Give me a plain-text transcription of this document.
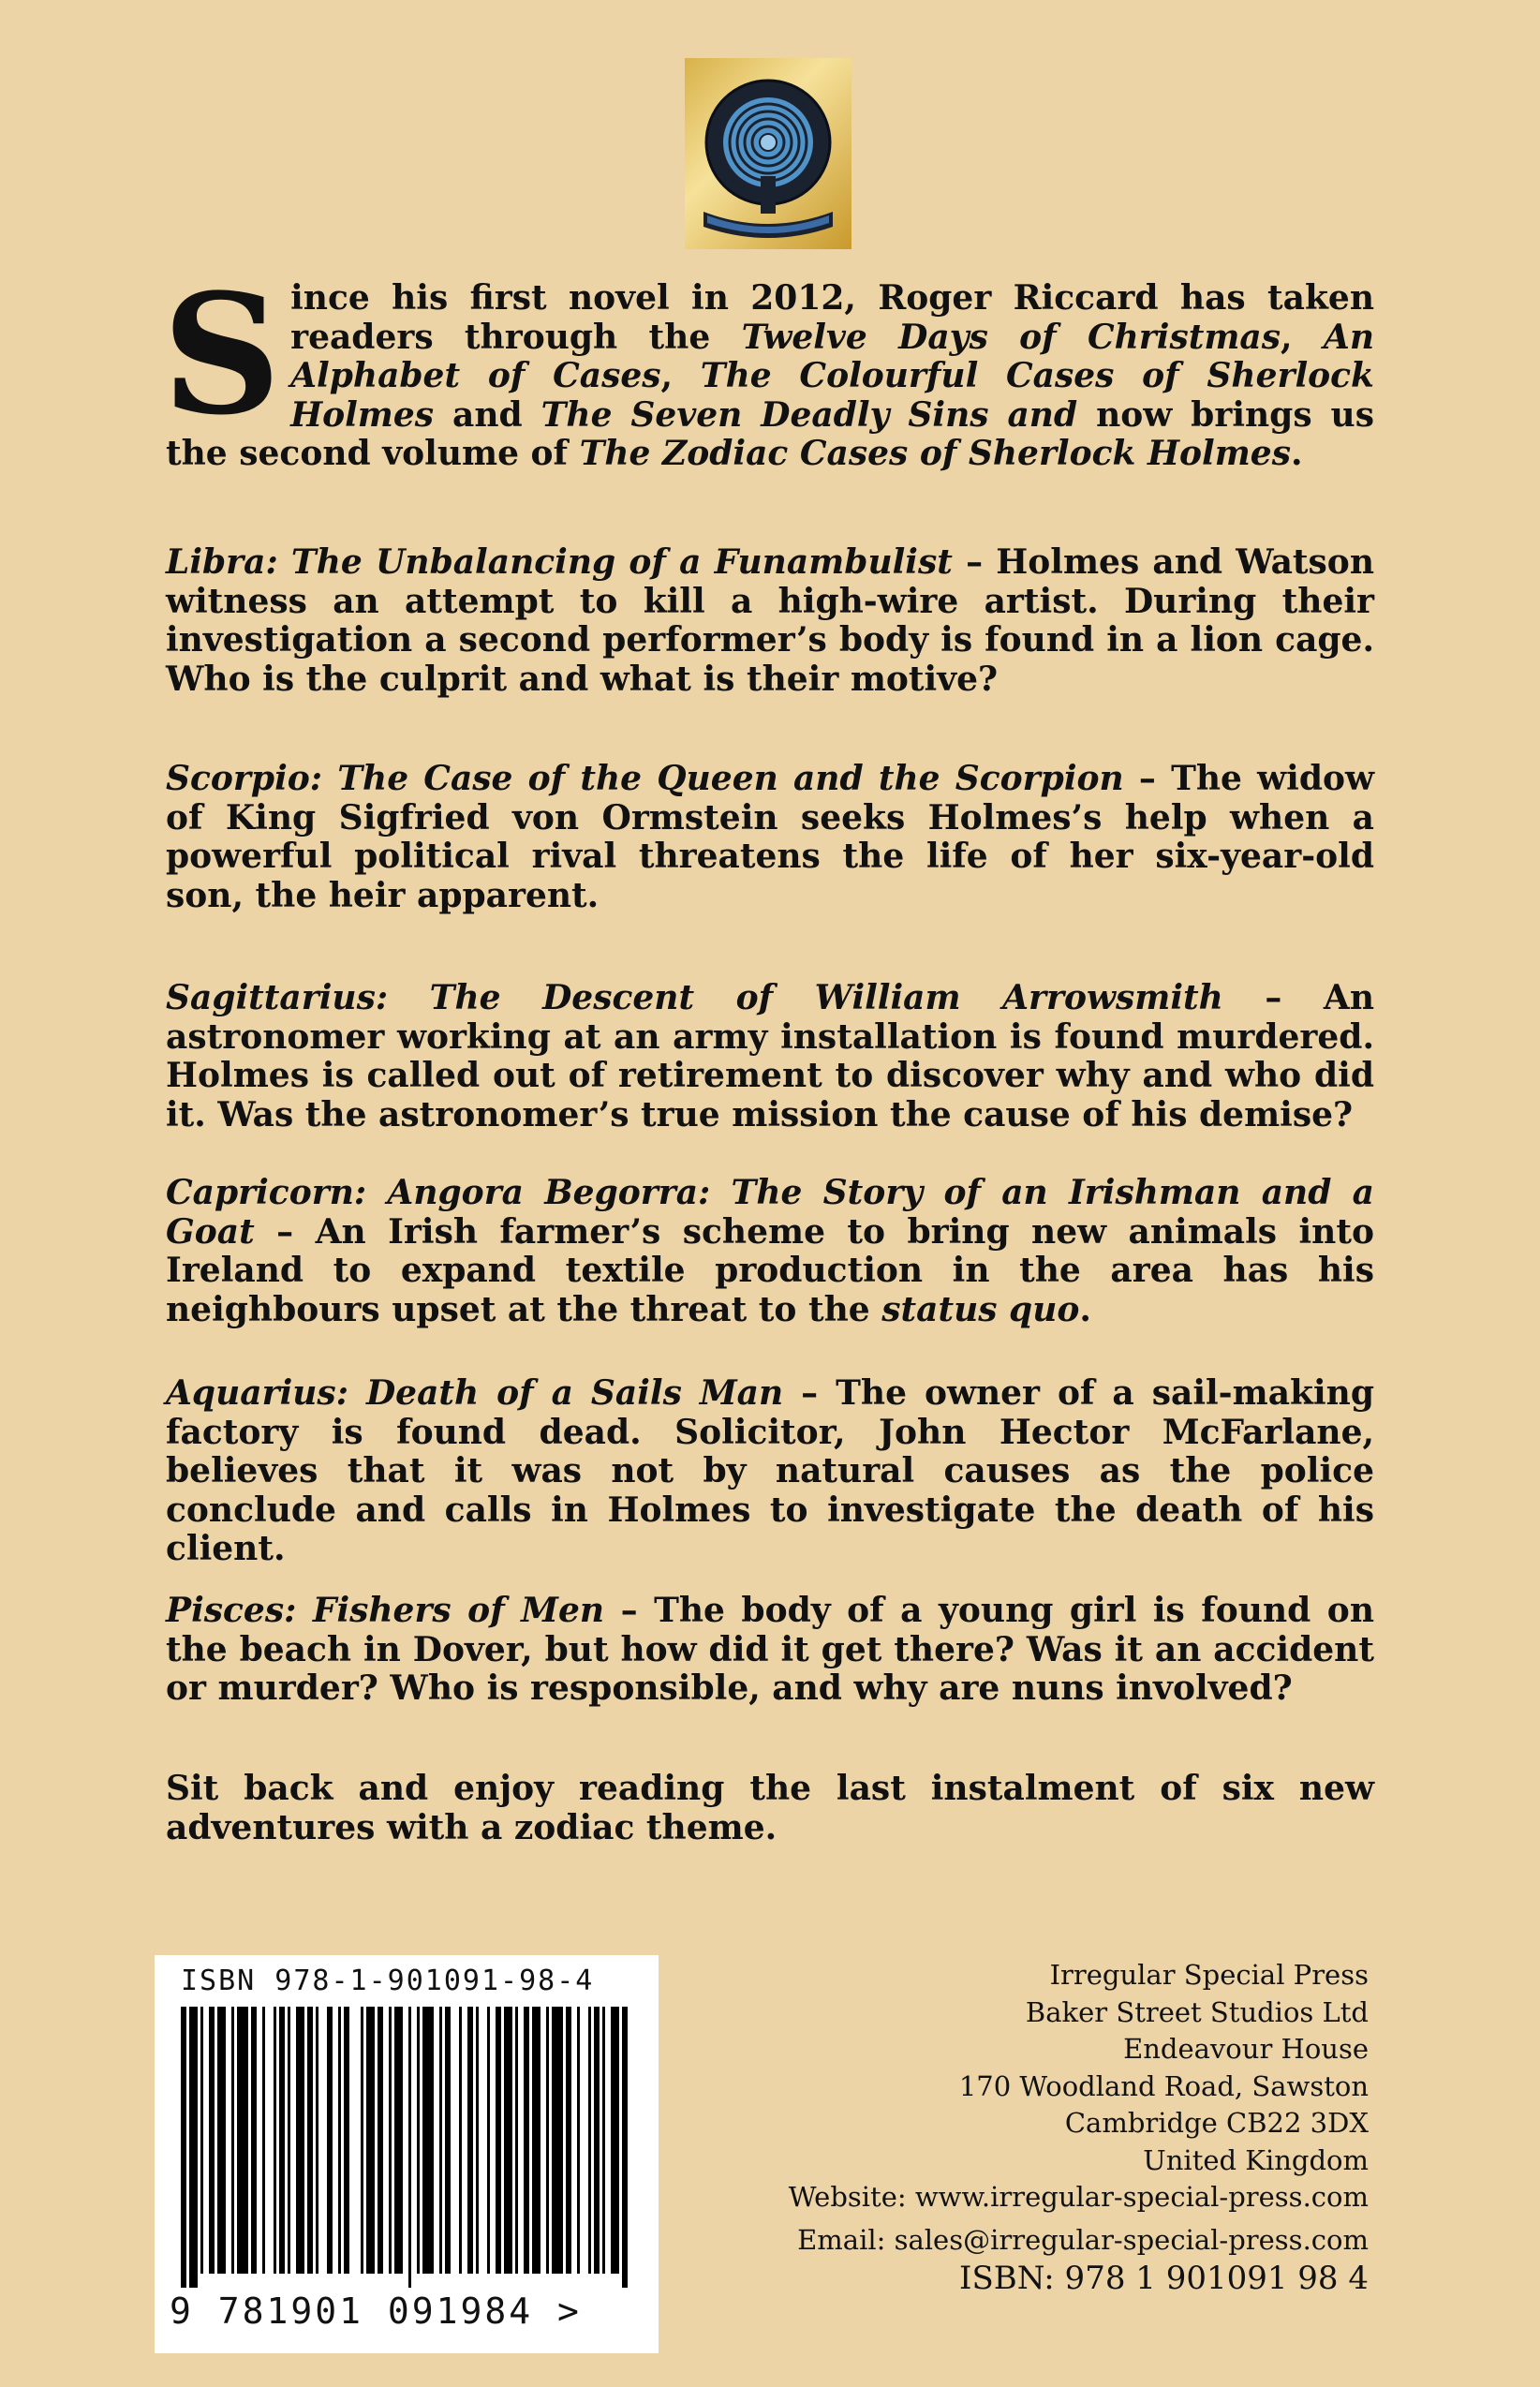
Since his first novel in 2012, Roger Riccard has taken readers through the Twelve Days of Christmas, An Alphabet of Cases, The Colourful Cases of Sherlock Holmes and The Seven Deadly Sins and now brings us the second volume of The Zodiac Cases of Sherlock Holmes.

Libra: The Unbalancing of a Funambulist – Holmes and Watson witness an attempt to kill a high-wire artist. During their investigation a second performer’s body is found in a lion cage. Who is the culprit and what is their motive?

Scorpio: The Case of the Queen and the Scorpion – The widow of King Sigfried von Ormstein seeks Holmes’s help when a powerful political rival threatens the life of her six-year-old son, the heir apparent.

Sagittarius: The Descent of William Arrowsmith – An astronomer working at an army installation is found murdered. Holmes is called out of retirement to discover why and who did it. Was the astronomer’s true mission the cause of his demise?

Capricorn: Angora Begorra: The Story of an Irishman and a Goat – An Irish farmer’s scheme to bring new animals into Ireland to expand textile production in the area has his neighbours upset at the threat to the status quo.

Aquarius: Death of a Sails Man – The owner of a sail-making factory is found dead. Solicitor, John Hector McFarlane, believes that it was not by natural causes as the police conclude and calls in Holmes to investigate the death of his client.

Pisces: Fishers of Men – The body of a young girl is found on the beach in Dover, but how did it get there? Was it an accident or murder? Who is responsible, and why are nuns involved?

Sit back and enjoy reading the last instalment of six new adventures with a zodiac theme.

ISBN 978-1-901091-98-4
9 781901 091984 >
Irregular Special Press
Baker Street Studios Ltd
Endeavour House
170 Woodland Road, Sawston
Cambridge CB22 3DX
United Kingdom
Website: www.irregular-special-press.com
Email: sales@irregular-special-press.com
ISBN: 978 1 901091 98 4
